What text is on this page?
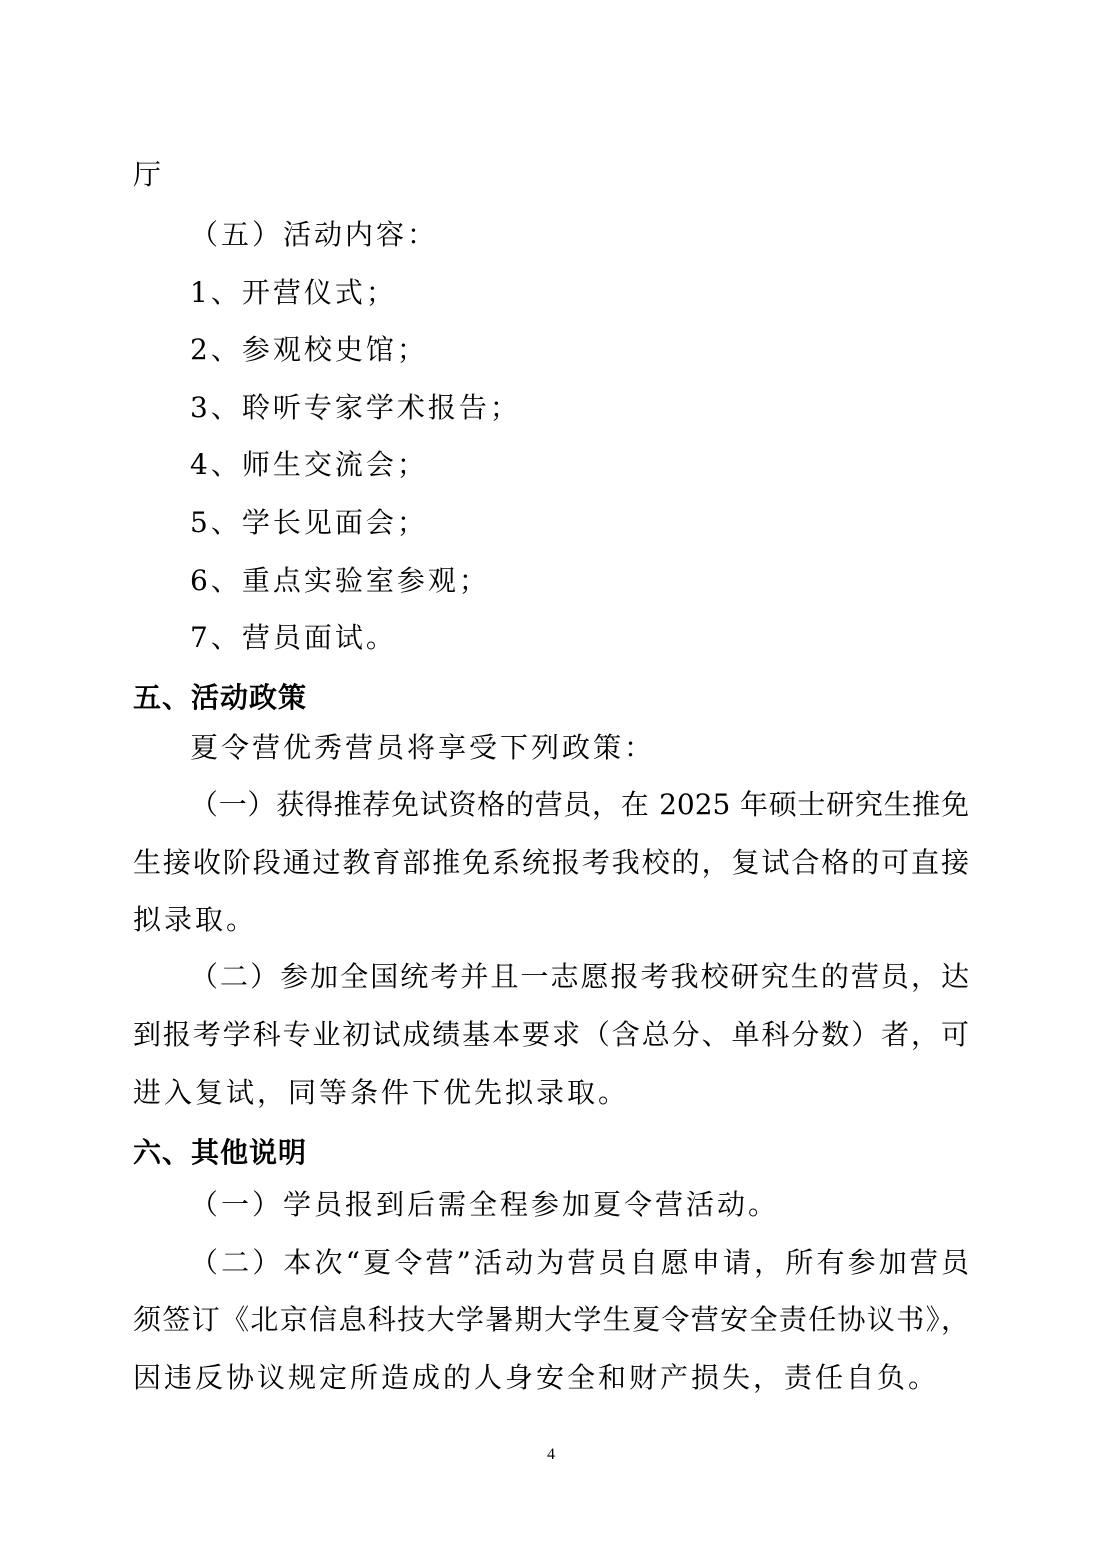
厅
（五）活动内容：
1、开营仪式；
2、参观校史馆；
3、聆听专家学术报告；
4、师生交流会；
5、学长见面会；
6、重点实验室参观；
7、营员面试。
五、活动政策
夏令营优秀营员将享受下列政策：
（一）获得推荐免试资格的营员，在 2025 年硕士研究生推免
生接收阶段通过教育部推免系统报考我校的，复试合格的可直接
拟录取。
（二）参加全国统考并且一志愿报考我校研究生的营员，达
到报考学科专业初试成绩基本要求（含总分、单科分数）者，可
进入复试，同等条件下优先拟录取。
六、其他说明
（一）学员报到后需全程参加夏令营活动。
（二）本次“夏令营”活动为营员自愿申请，所有参加营员
须签订《北京信息科技大学暑期大学生夏令营安全责任协议书》，
因违反协议规定所造成的人身安全和财产损失，责任自负。
4
